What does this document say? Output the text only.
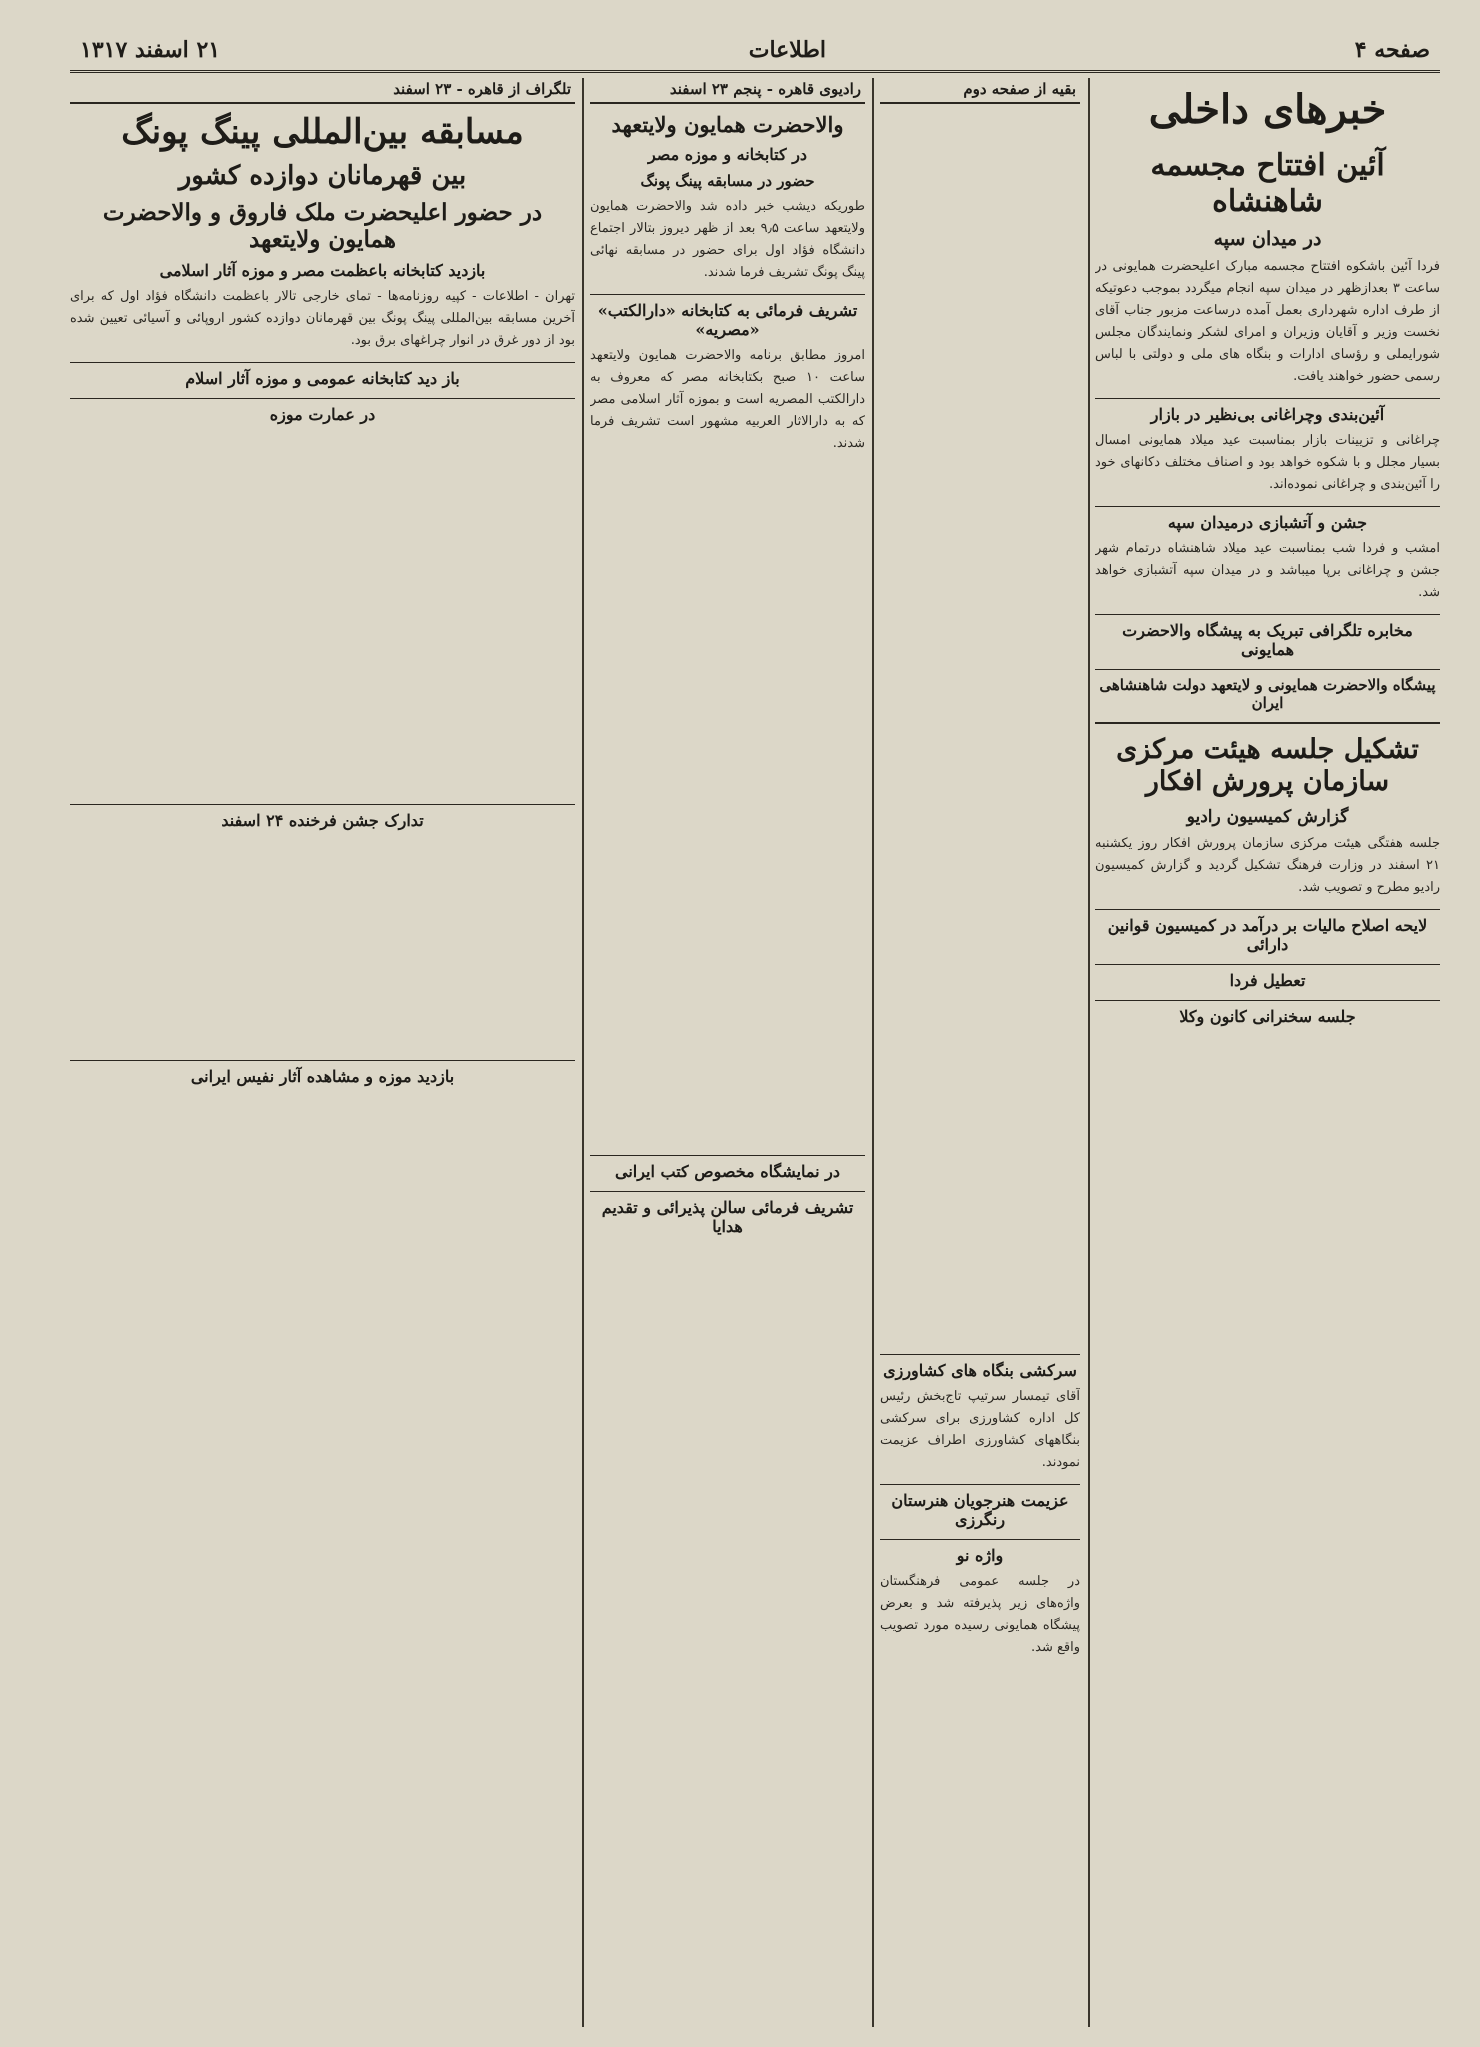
صفحه ۴
اطلاعات
۲۱ اسفند ۱۳۱۷
خبرهای داخلی
آئین افتتاح مجسمه شاهنشاه
در میدان سپه
فردا آئین باشکوه افتتاح مجسمه مبارک اعلیحضرت همایونی در ساعت ۳ بعدازظهر در میدان سپه انجام میگردد بموجب دعوتیکه از طرف اداره شهرداری بعمل آمده درساعت مزبور جناب آقای نخست وزیر و آقایان وزیران و امرای لشکر ونمایندگان مجلس شورایملی و رؤسای ادارات و بنگاه های ملی و دولتی با لباس رسمی حضور خواهند یافت.
آئین‌بندی وچراغانی بی‌نظیر در بازار
چراغانی و تزیینات بازار بمناسبت عید میلاد همایونی امسال بسیار مجلل و با شکوه خواهد بود و اصناف مختلف دکانهای خود را آئین‌بندی و چراغانی نموده‌اند.
جشن و آتشبازی درمیدان سپه
امشب و فردا شب بمناسبت عید میلاد شاهنشاه درتمام شهر جشن و چراغانی برپا میباشد و در میدان سپه آتشبازی خواهد شد.
مخابره تلگرافی تبریک به پیشگاه والاحضرت همایونی
پیشگاه والاحضرت همایونی و لایتعهد دولت شاهنشاهی ایران
تشکیل جلسه هیئت مرکزی سازمان پرورش افکار
گزارش کمیسیون رادیو
جلسه هفتگی هیئت مرکزی سازمان پرورش افکار روز یکشنبه ۲۱ اسفند در وزارت فرهنگ تشکیل گردید و گزارش کمیسیون رادیو مطرح و تصویب شد.
لایحه اصلاح مالیات بر درآمد در کمیسیون قوانین دارائی
تعطیل فردا
جلسه سخنرانی کانون وکلا
بقیه از صفحه دوم
سرکشی بنگاه های کشاورزی
آقای تیمسار سرتیپ تاج‌بخش رئیس کل اداره کشاورزی برای سرکشی بنگاههای کشاورزی اطراف عزیمت نمودند.
عزیمت هنرجویان هنرستان رنگرزی
واژه نو
در جلسه عمومی فرهنگستان واژه‌های زیر پذیرفته شد و بعرض پیشگاه همایونی رسیده مورد تصویب واقع شد.
رادیوی قاهره - پنجم ۲۳ اسفند
والاحضرت همایون ولایتعهد
در کتابخانه و موزه مصر
حضور در مسابقه پینگ پونگ
طوریکه دیشب خبر داده شد والاحضرت همایون ولایتعهد ساعت ۹٫۵ بعد از ظهر دیروز بتالار اجتماع دانشگاه فؤاد اول برای حضور در مسابقه نهائی پینگ پونگ تشریف فرما شدند.
تشریف فرمائی به کتابخانه «دارالکتب» «مصریه»
امروز مطابق برنامه والاحضرت همایون ولایتعهد ساعت ۱۰ صبح بکتابخانه مصر که معروف به دارالکتب المصریه است و بموزه آثار اسلامی مصر که به دارالاثار العربیه مشهور است تشریف فرما شدند.
در نمایشگاه مخصوص کتب ایرانی
تشریف فرمائی سالن پذیرائی و تقدیم هدایا
تلگراف از قاهره - ۲۳ اسفند
مسابقه بین‌المللی پینگ پونگ
بین قهرمانان دوازده کشور
در حضور اعلیحضرت ملک فاروق و والاحضرت همایون ولایتعهد
بازدید کتابخانه باعظمت مصر و موزه آثار اسلامی
تهران - اطلاعات - کپیه روزنامه‌ها - تمای خارجی تالار باعظمت دانشگاه فؤاد اول که برای آخرین مسابقه بین‌المللی پینگ پونگ بین قهرمانان دوازده کشور اروپائی و آسیائی تعیین شده بود از دور غرق در انوار چراغهای برق بود.
باز دید کتابخانه عمومی و موزه آثار اسلام
در عمارت موزه
تدارک جشن فرخنده ۲۴ اسفند
بازدید موزه و مشاهده آثار نفیس ایرانی
